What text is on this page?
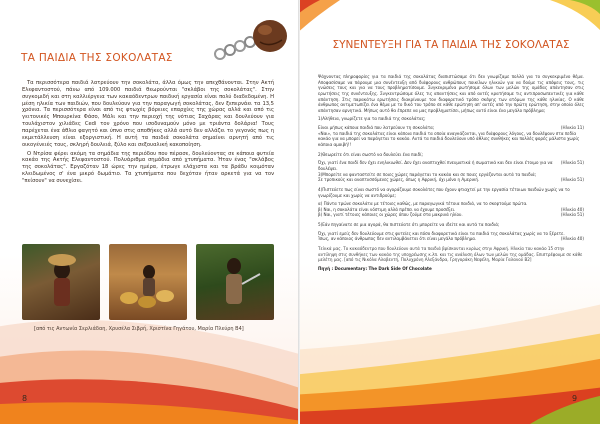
ΤΑ ΠΑΙΔΙΑ ΤΗΣ ΣΟΚΟΛΑΤΑΣ

Τα περισσότερα παιδιά λατρεύουν την σοκολάτα, άλλα όμως την απεχθάνονται. Στην Ακτή Ελεφαντοστού, πάνω από 109.000 παιδιά θεωρούνται "σκλάβοι της σοκολάτας". Στην συγκομιδή και στη καλλιέργεια των κακαόδεντρων παιδική εργασία είναι πολύ διαδεδομένη. Η μέση ηλικία των παιδιών, που δουλεύουν για την παραγωγή σοκολάτας, δεν ξεπερνάει τα 13,5 χρόνια. Τα περισσότερα είναι από τις φτωχές βόρειες επαρχίες της χώρας αλλά και από τις γειτονικές Μπουρκίνα Φάσο, Μάλι και την περιοχή της νότιας Σαχάρας και δουλεύουν για τουλάχιστον χιλιάδες Cedi τον χρόνο που ισοδυναμούν μόνο με τριάντα δολάρια! Τους παρέχεται ένα άθλιο φαγητό και ύπνο στις αποθήκες αλλά αυτό δεν αλλάζει το γεγονός πως η εκμετάλλευση είναι εξοργιστική. Η αυτή τα παιδιά σοκολάτα σημαίνει αρνητή από τις οικογένειές τους, σκληρή δουλειά, ξύλο και σεξουαλική κακοποίηση.

Ο Ντρίσα φέρει ακόμη τα σημάδια της περιόδου που πέρασε, δουλεύοντας σε κάποια φυτεία κακάο της Ακτής Ελεφαντοστού. Πολυάριθμα σημάδια από χτυπήματα. Ήταν ένας "σκλάβος της σοκολάτας". Εργαζόταν 18 ώρες την ημέρα, έτρωγε ελάχιστα και τα βράδυ κοιμόταν κλειδωμένος σ' ένα μικρό δωμάτιο. Τα χτυπήματα που δεχόταν ήταν αρκετά για να τον "πείσουν" να συνεχίσει.

[από τις Αντωνία Σερλιάδαη, Χρυσέλα Σιβρή, Χριστίνα Γηγάτου, Μαρία Πλεύρη Β4]
8
ΣΥΝΕΝΤΕΥΞΗ ΓΙΑ ΤΑ ΠΑΙΔΙΑ ΤΗΣ ΣΟΚΟΛΑΤΑΣ

Ψάχνοντας πληροφορίες για τα παιδιά της σοκολάτας διαπιστώσαμε ότι δεν γνωρίζαμε πολλά για το συγκεκριμένο θέμα. Αποφασίσαμε να πάρουμε μια συνέντευξη από διάφορους ανθρώπους ποικίλων ηλικιών για να δούμε τις απόψεις τους, τις γνώσεις τους και για να τους προβληματίσουμε. Συγκεκριμένα ρωτήσαμε όλων των μελών της ομάδας απάντησαν στις ερωτήσεις της συνέντευξης. Συγκεντρώσαμε όλες τις απαντήσεις και από αυτές κρατήσαμε τις αντιπροσωπευτικές για κάθε απάντηση. Στις παρακάτω ερωτήσεις διακρίνουμε τον διαφορετικό τρόπο σκέψης των ατόμων της κάθε ηλικίας. Ο κάθε άνθρωπος αντιμετωπίζει ένα θέμα με το δικό του τρόπο σε κάθε ερώτηση απ' αυτές από την πρώτη ερώτηση, στην οποία όλες απάντησαν αρνητικά. Μήπως αυτό θα έπρεπε να μας προβληματίσει, μήπως αυτό είναι ένα μεγάλο πρόβλημα;

1)Αλήθεια, γνωρίζετε για τα παιδιά της σοκολάτας;

Είναι μήπως κάποια παιδιά που λατρεύουν τη σοκολάτα;	(Ηλικία 11)
«Ναι», τα παιδιά της σοκολάτας είναι κάποια παιδιά τα οποία αναγκάζονται, για διάφορους λόγους, να δουλέψουν στα πεδία κακάο για να μπορεί να παράγεται το κακάο. Αυτά τα παιδιά δουλεύουν υπό άθλιες συνθήκες και πολλές φορές μάλιστα χωρίς κάποια αμοιβή!!

2)Θεωρείτε ότι είναι σωστό να δουλεύει ένα παιδί;

Όχι, γιατί ένα παιδί δεν έχει ενηλικιωθεί. Δεν έχει αναπτυχθεί πνευματικά ή σωματικά και δεν είναι έτοιμο για να δουλέψει.
(Ηλικία 51)
3)Μπορείτε να φανταστείτε σε ποιες χώρες παράγεται το κακάο και σε ποιες εργάζονται αυτά τα παιδιά;
Σε τροπικούς και αναπτυσσόμενες χώρες, όπως η Αφρική, όχι μόνο η Αμερική.	(Ηλικία 51)

4)Πιστεύετε πως είναι σωστό να αγοράζουμε σοκολάτες που έχουν φτιαχτεί με την εργασία τέτοιων παιδιών χωρίς να το γνωρίζουμε και χωρίς να αντιδρούμε;

α) Πάντα τρώνε σοκολάτα με τέτοιες καθώς, με παραγωγικά τέτοια παιδιά, να το σκεφτούμε πρώτα.
β) Ναι, η σοκολάτα είναι νόστιμη αλλά πρέπει να έχουμε προσέξει.	(Ηλικία 40)
β) Ναι, γιατί τέτοιες κάποιες οι χώρες όπου ζούμε στα μακρινά ηλίου.	(Ηλικία 51)

5)Εάν πηγαίνατε σε μια αγορά, θα πιστεύατε ότι μπορείτε να ιδείτε και αυτά τα παιδιά;

Όχι, γιατί εμείς δεν δουλεύουμε στις φυτείες και πόσο διαφορετικά είναι τα παιδιά της σοκολάτας χωρίς να το ξέρετε.
Ίσως, αν κάποιος άνθρωπος δεν αντιλαμβάνεται ότι είναι μεγάλο πρόβλημα.	(Ηλικία 40)

Τελικά μας. Το κακαόδεντρο που δουλεύουν αυτά τα παιδιά βρίσκονται κυρίως στην Αφρική. Ηλικία του κακάο 15 στην αντίληψη στις συνθήκες των κακάο της υποχρέωσης κ.λπ. και τις ανάλυση όλων των μελών της ομάδας. Επιστρέφουμε σε κάθε μελέτη μας. [από τις Νικόλα Αλαβεντή, Πολυχρόνη Αλεξάνδρα, Γρηγοράκη Νεφέλη, Μαρία Γαλανού Β2]

Πηγή : Documentary: The Dark Side Of Chocolate

9
